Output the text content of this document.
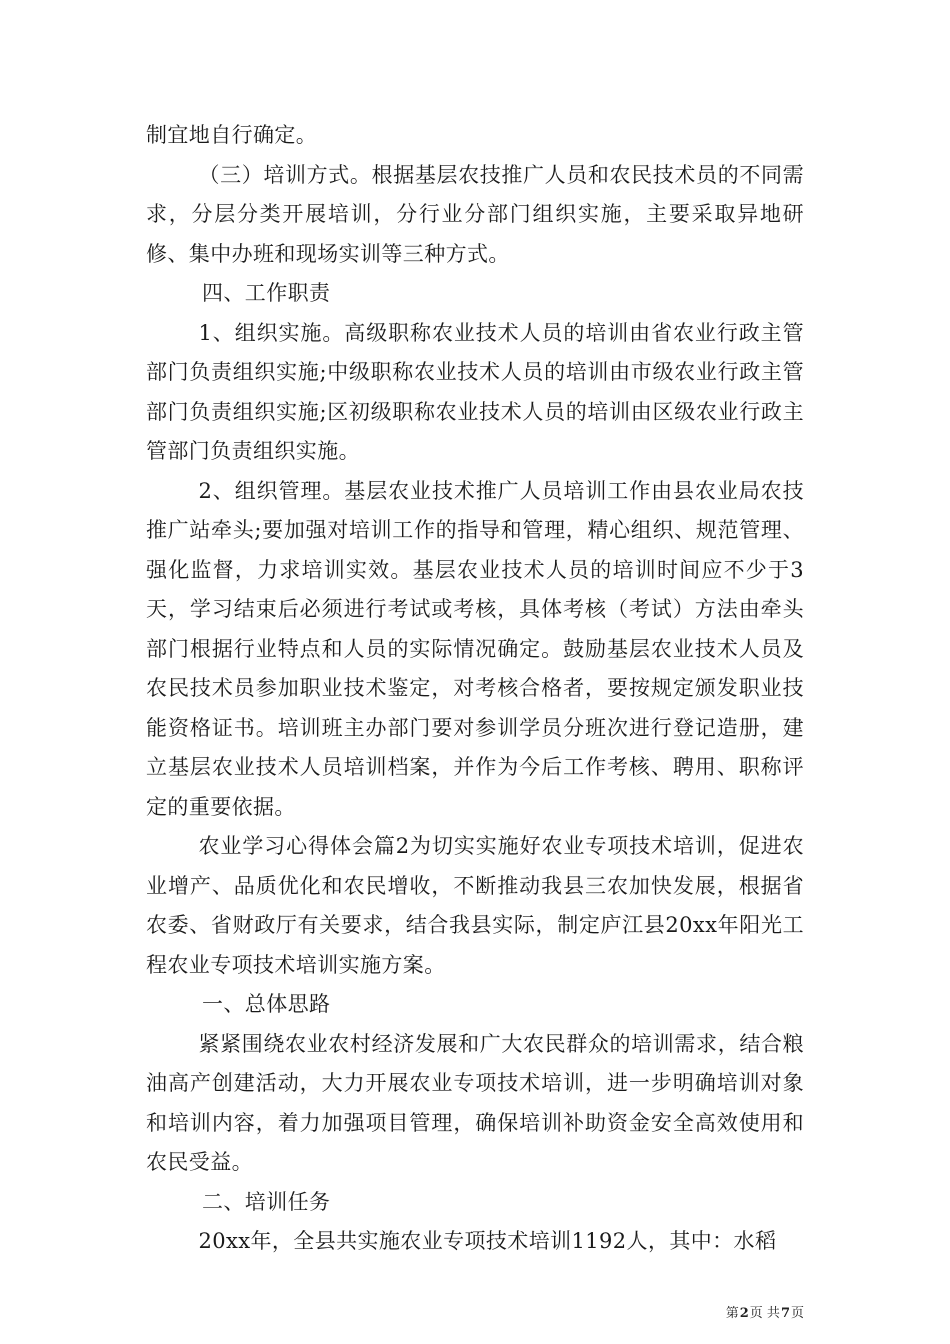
制宜地自行确定。

（三）培训方式。根据基层农技推广人员和农民技术员的不同需求，分层分类开展培训，分行业分部门组织实施，主要采取异地研修、集中办班和现场实训等三种方式。

四、工作职责

1、组织实施。高级职称农业技术人员的培训由省农业行政主管部门负责组织实施;中级职称农业技术人员的培训由市级农业行政主管部门负责组织实施;区初级职称农业技术人员的培训由区级农业行政主管部门负责组织实施。

2、组织管理。基层农业技术推广人员培训工作由县农业局农技推广站牵头;要加强对培训工作的指导和管理，精心组织、规范管理、强化监督，力求培训实效。基层农业技术人员的培训时间应不少于3天，学习结束后必须进行考试或考核，具体考核（考试）方法由牵头部门根据行业特点和人员的实际情况确定。鼓励基层农业技术人员及农民技术员参加职业技术鉴定，对考核合格者，要按规定颁发职业技能资格证书。培训班主办部门要对参训学员分班次进行登记造册，建立基层农业技术人员培训档案，并作为今后工作考核、聘用、职称评定的重要依据。

农业学习心得体会篇2为切实实施好农业专项技术培训，促进农业增产、品质优化和农民增收，不断推动我县三农加快发展，根据省农委、省财政厅有关要求，结合我县实际，制定庐江县20xx年阳光工程农业专项技术培训实施方案。

一、总体思路

紧紧围绕农业农村经济发展和广大农民群众的培训需求，结合粮油高产创建活动，大力开展农业专项技术培训，进一步明确培训对象和培训内容，着力加强项目管理，确保培训补助资金安全高效使用和农民受益。

二、培训任务

20xx年，全县共实施农业专项技术培训1192人，其中：水稻

第2页 共7页
